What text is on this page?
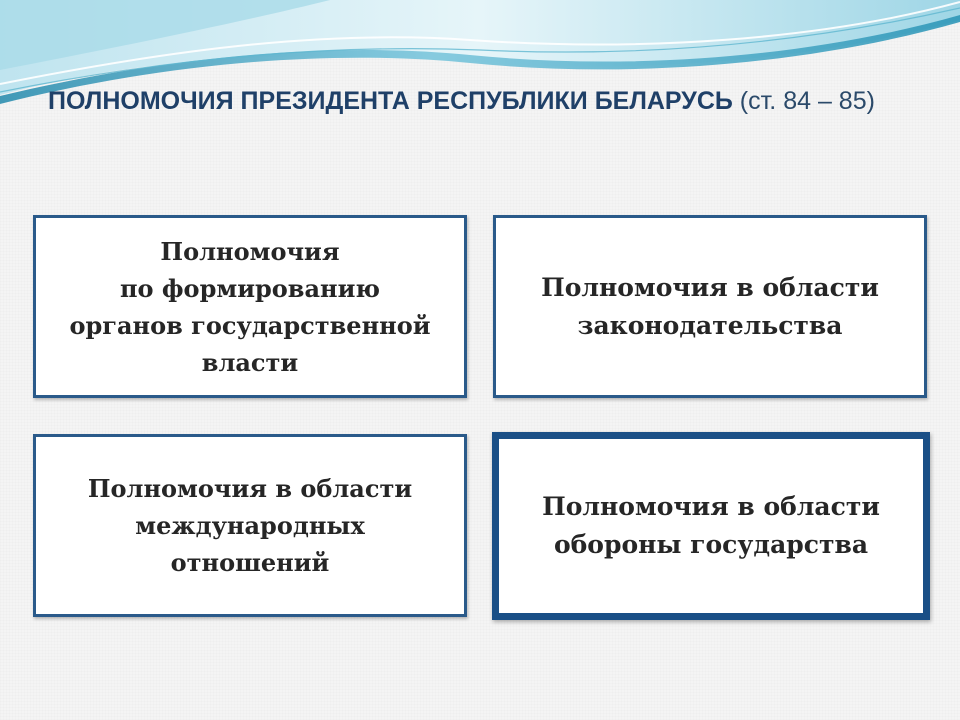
ПОЛНОМОЧИЯ ПРЕЗИДЕНТА РЕСПУБЛИКИ БЕЛАРУСЬ (ст. 84 – 85)
Полномочия
по формированию
органов государственной
власти
Полномочия в области
законодательства
Полномочия в области
международных
отношений
Полномочия в области
обороны государства
